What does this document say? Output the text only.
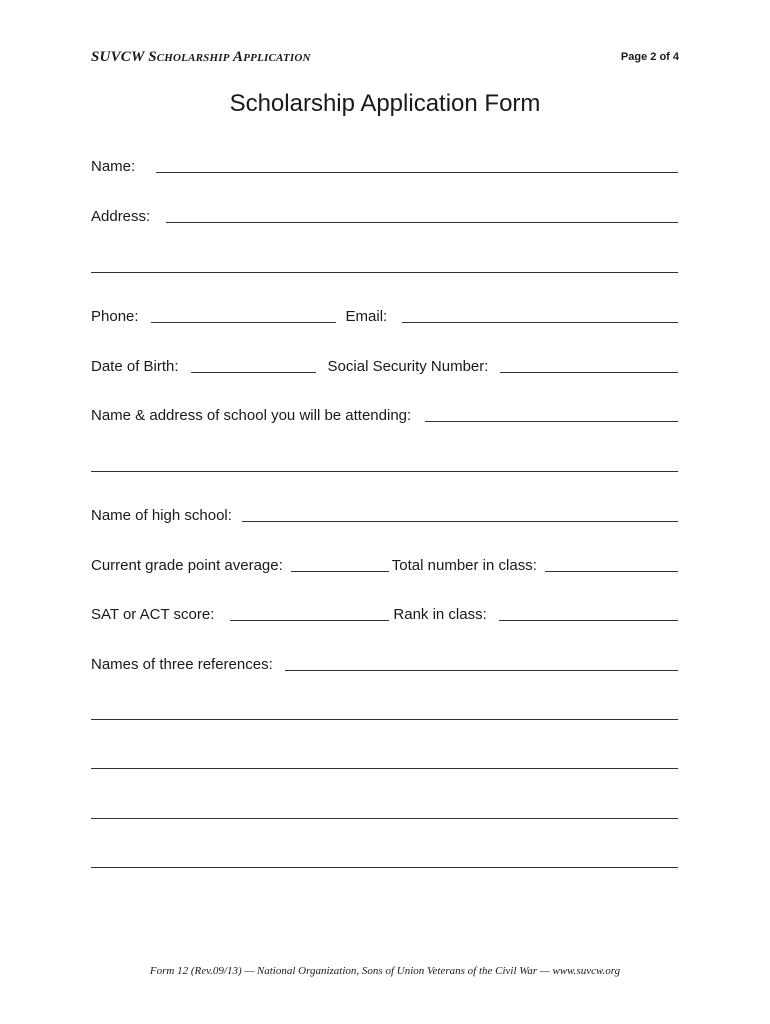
SUVCW SCHOLARSHIP APPLICATION	Page 2 of 4
Scholarship Application Form
Name:
Address:
Phone:	Email:
Date of Birth:	Social Security Number:
Name & address of school you will be attending:
Name of high school:
Current grade point average:	Total number in class:
SAT or ACT score:	Rank in class:
Names of three references:
Form 12 (Rev.09/13) — National Organization, Sons of Union Veterans of the Civil War — www.suvcw.org
